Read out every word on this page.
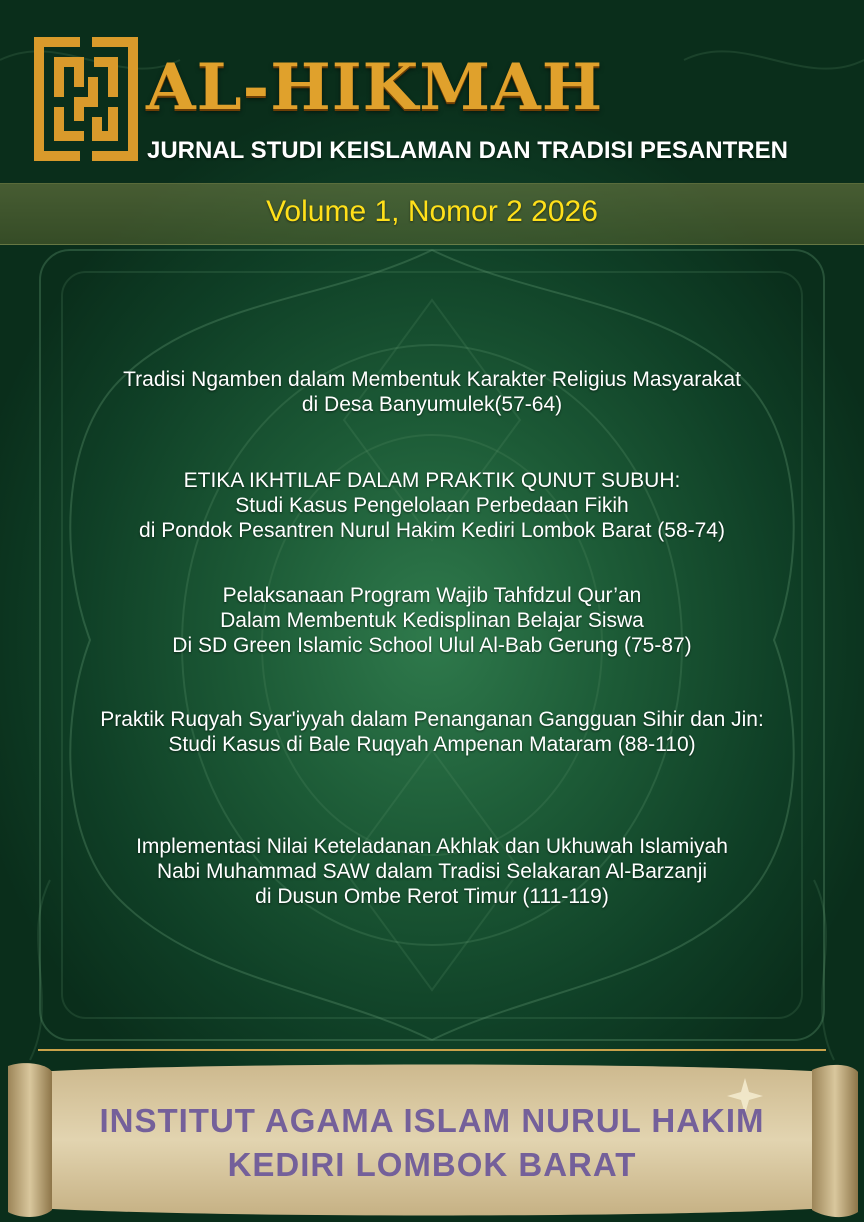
AL-HIKMAH

JURNAL STUDI KEISLAMAN DAN TRADISI PESANTREN

Volume 1, Nomor 2 2026
Tradisi Ngamben dalam Membentuk Karakter Religius Masyarakat
di Desa Banyumulek(57-64)
ETIKA IKHTILAF DALAM PRAKTIK QUNUT SUBUH:
Studi Kasus Pengelolaan Perbedaan Fikih
di Pondok Pesantren Nurul Hakim Kediri Lombok Barat (58-74)
Pelaksanaan Program Wajib Tahfdzul Qur’an
Dalam Membentuk Kedisplinan Belajar Siswa
Di SD Green Islamic School Ulul Al-Bab Gerung (75-87)
Praktik Ruqyah Syar'iyyah dalam Penanganan Gangguan Sihir dan Jin:
Studi Kasus di Bale Ruqyah Ampenan Mataram (88-110)
Implementasi Nilai Keteladanan Akhlak dan Ukhuwah Islamiyah
Nabi Muhammad SAW dalam Tradisi Selakaran Al-Barzanji
di Dusun Ombe Rerot Timur (111-119)

INSTITUT AGAMA ISLAM NURUL HAKIM

KEDIRI LOMBOK BARAT
